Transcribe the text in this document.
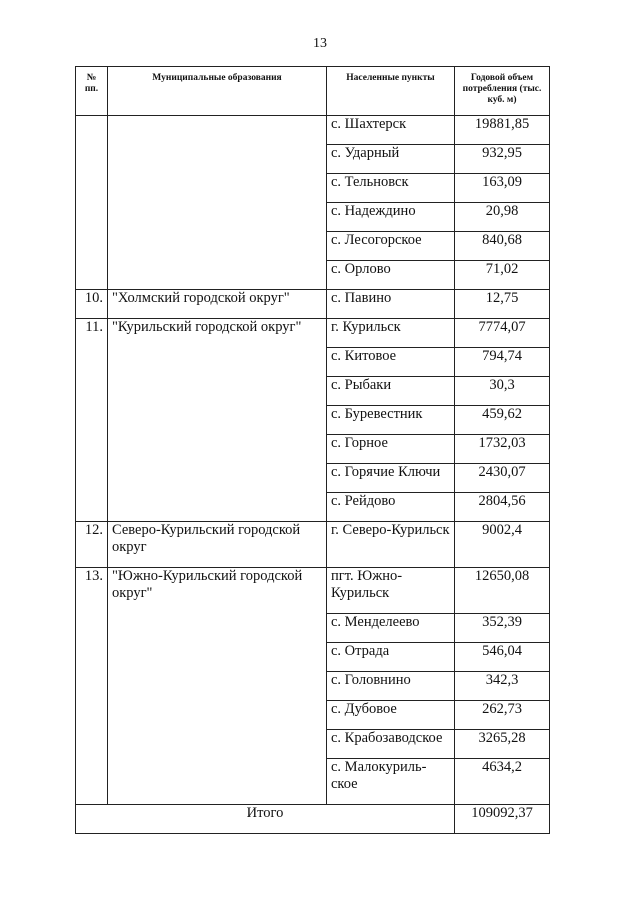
13
№ пп.	Муниципальные образования	Населенные пункты	Годовой объем потребления (тыс. куб. м)
		с. Шахтерск	19881,85
		с. Ударный	932,95
		с. Тельновск	163,09
		с. Надеждино	20,98
		с. Лесогорское	840,68
		с. Орлово	71,02
10.	"Холмский городской округ"	с. Павино	12,75
11.	"Курильский городской округ"	г. Курильск	7774,07
		с. Китовое	794,74
		с. Рыбаки	30,3
		с. Буревестник	459,62
		с. Горное	1732,03
		с. Горячие Ключи	2430,07
		с. Рейдово	2804,56
12.	Северо-Курильский городской округ	г. Северо-Курильск	9002,4
13.	"Южно-Курильский городской округ"	пгт. Южно-Курильск	12650,08
		с. Менделеево	352,39
		с. Отрада	546,04
		с. Головнино	342,3
		с. Дубовое	262,73
		с. Крабозаводское	3265,28
		с. Малокуриль-ское	4634,2
Итого			109092,37
